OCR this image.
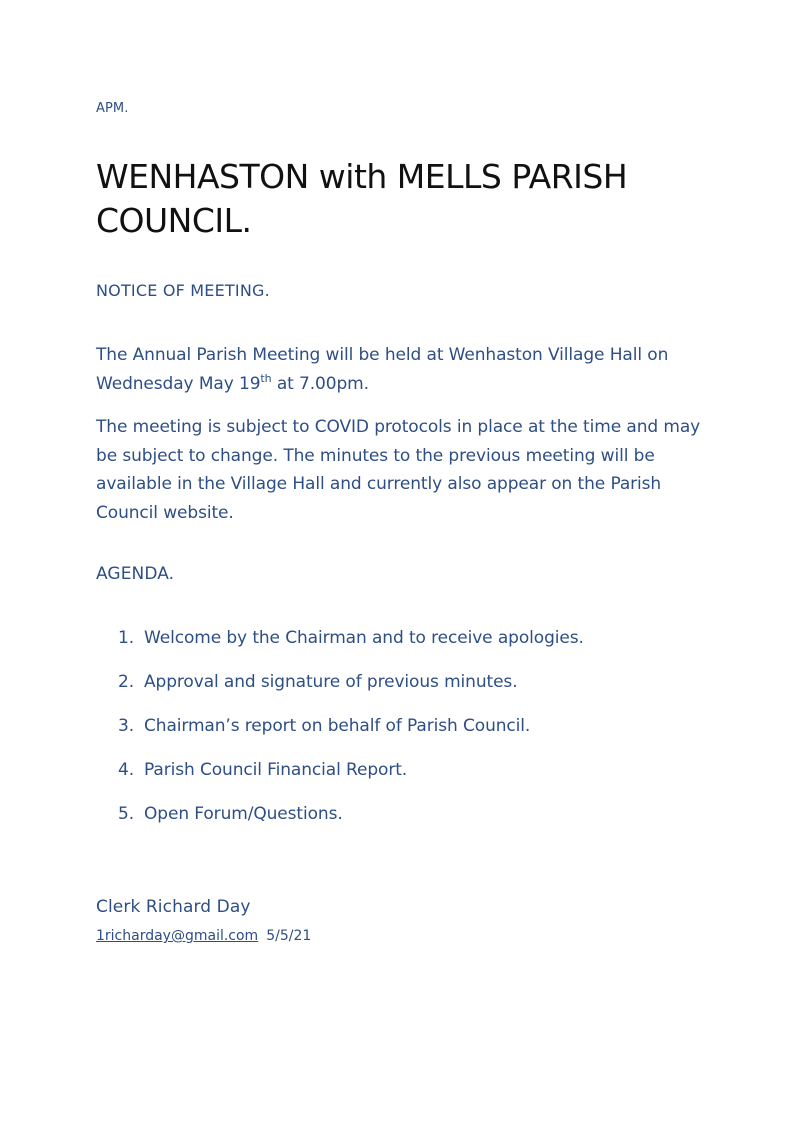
APM.
WENHASTON with MELLS PARISH COUNCIL.
NOTICE OF MEETING.

The Annual Parish Meeting will be held at Wenhaston Village Hall on Wednesday May 19th at 7.00pm.

The meeting is subject to COVID protocols in place at the time and may be subject to change. The minutes to the previous meeting will be available in the Village Hall and currently also appear on the Parish Council website.

AGENDA.
1. Welcome by the Chairman and to receive apologies.
2. Approval and signature of previous minutes.
3. Chairman’s report on behalf of Parish Council.
4. Parish Council Financial Report.
5. Open Forum/Questions.
Clerk Richard Day
1richarday@gmail.com 5/5/21
